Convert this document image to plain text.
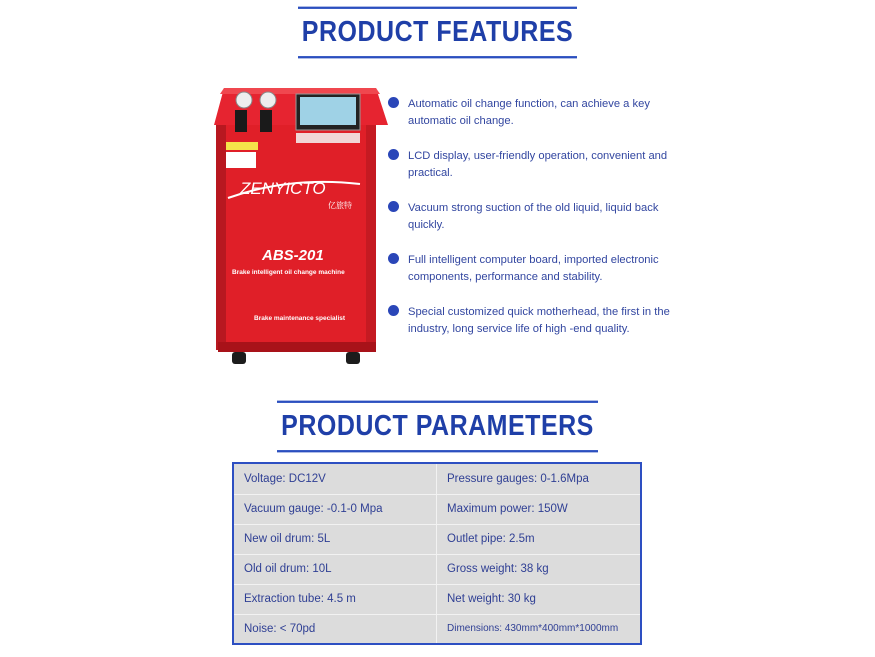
PRODUCT FEATURES
ZENYICTO
亿旅特
ABS-201
Brake intelligent oil change machine
Brake maintenance specialist
Automatic oil change function, can achieve a key automatic oil change.
LCD display, user-friendly operation, convenient and practical.
Vacuum strong suction of the old liquid, liquid back quickly.
Full intelligent computer board, imported electronic components, performance and stability.
Special customized quick motherhead, the first in the industry, long service life of high -end quality.
PRODUCT PARAMETERS
Voltage: DC12V	Pressure gauges: 0-1.6Mpa
Vacuum gauge: -0.1-0 Mpa	Maximum power: 150W
New oil drum: 5L	Outlet pipe: 2.5m
Old oil drum: 10L	Gross weight: 38 kg
Extraction tube: 4.5 m	Net weight: 30 kg
Noise: < 70pd	Dimensions: 430mm*400mm*1000mm
